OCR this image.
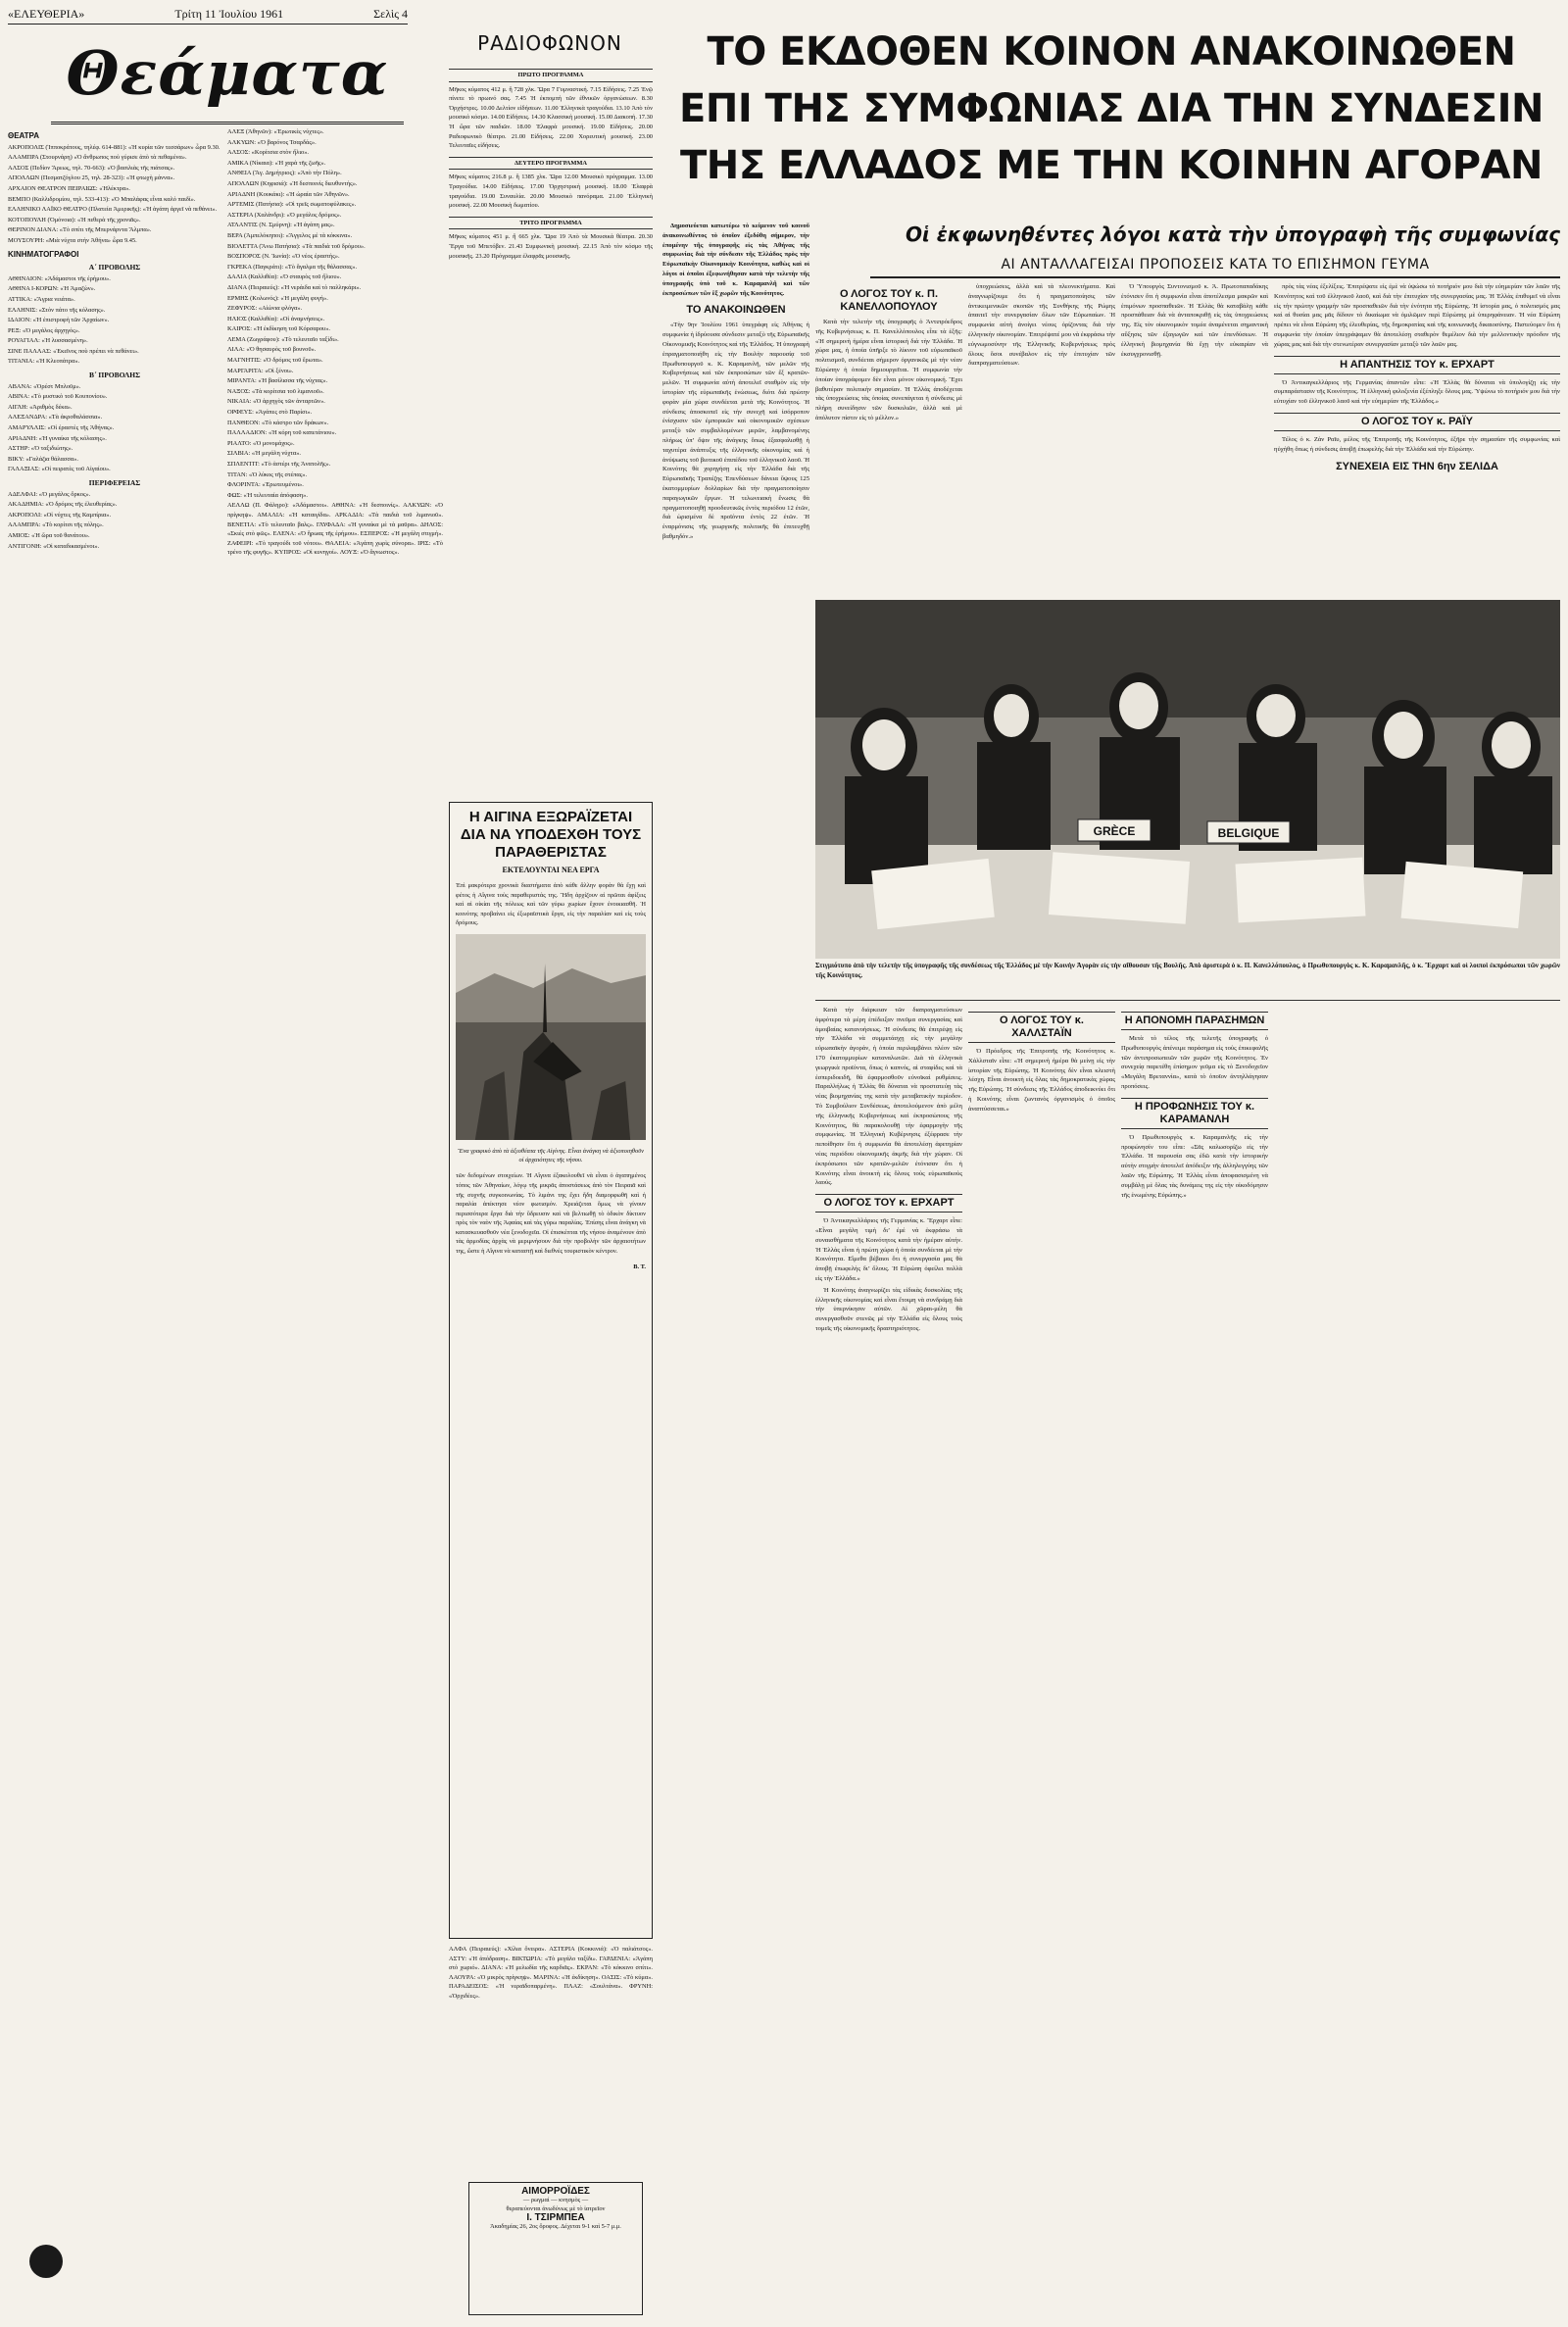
«ΕΛΕΥΘΕΡΙΑ»	Τρίτη 11 Ἰουλίου 1961	Σελὶς 4
Θεάματα
ΘΕΑΤΡΑ

ΑΚΡΟΠΟΛΙΣ (Ἱπποκράτους, τηλέφ. 614-881): «Ἡ κυρία τῶν τεσσάρων» ὧρα 9.30.

ΑΛΑΜΠΡΑ (Στουρνάρη) «Ὁ ἄνθρωπος ποὺ γύρισε ἀπὸ τὰ πεθαμένα».

ΑΛΣΟΣ (Πεδίον Ἄρεως, τηλ. 70-663): «Ὁ βασιλιὰς τῆς πιάτσας».

ΑΠΟΛΛΩΝ (Πεσματζόγλου 25, τηλ. 28-323): «Ἡ φτωχὴ μάννα».

ΑΡΧΑΙΟΝ ΘΕΑΤΡΟΝ ΠΕΙΡΑΙΩΣ: «Ἡλέκτρα».

ΒΕΜΠΟ (Καλλιδρομίου, τηλ. 533-413): «Ὁ Μπαλάφας εἶναι καλό παιδί».

ΕΛΛΗΝΙΚΟ ΛΑΪΚΟ ΘΕΑΤΡΟ (Πλατεία Ἀμερικῆς): «Ἡ ἀγάπη ἀργεῖ νὰ πεθάνει».

ΚΟΤΟΠΟΥΛΗ (Ὀμόνοια): «Ἡ πεθερὰ τῆς χρονιᾶς».

ΘΕΡΙΝΟΝ ΔΙΑΝΑ: «Τὸ σπίτι τῆς Μπερνάρντα Ἄλμπα».

ΜΟΥΣΟΥΡΗ: «Μιὰ νύχτα στὴν Ἀθήνα» ὧρα 9.45.

ΚΙΝΗΜΑΤΟΓΡΑΦΟΙ
Α΄ ΠΡΟΒΟΛΗΣ

ΑΘΗΝΑΙΟΝ: «Ἀδάμαστοι τῆς ἐρήμου».

ΑΘΗΝΑ Ι-ΚΟΡΩΝ: «Ἡ Ἀμαζών».

ΑΤΤΙΚΑ: «Ἄγρια νειάτα».

ΕΛΛΗΝΙΣ: «Στὸν πάτο τῆς κόλασης».

ΙΔΑΙΟΝ: «Ἡ ἐπιστροφὴ τῶν Ἀρχαίων».

ΡΕΞ: «Ὁ μεγάλος ἀρχηγός».

ΡΟΥΑΓΙΑΛ: «Ἡ λυσσασμένη».

ΣΙΝΕ ΠΑΛΛΑΣ: «Ἐκεῖνος ποὺ πρέπει νὰ πεθάνει».

ΤΙΤΑΝΙΑ: «Ἡ Κλεοπάτρα».

Β΄ ΠΡΟΒΟΛΗΣ

ΑΒΑΝΑ: «Ὀρέστ Μπλοῦμ».

ΑΒΙΝΑ: «Τὸ μυστικὸ τοῦ Κουπονίου».

ΑΙΓΛΗ: «Ἀριθμὸς δέκα».

ΑΛΕΞΑΝΔΡΑ: «Τὰ ἀκροθαλάσσια».

ΑΜΑΡΥΛΛΙΣ: «Οἱ ἐραστὲς τῆς Ἀθήνας».

ΑΡΙΑΔΝΗ: «Ἡ γυναίκα τῆς κόλασης».

ΑΣΤΗΡ: «Ὁ ταξιδιώτης».

ΒΙΚΥ: «Γαλάζια θάλασσα».

ΓΑΛΑΞΙΑΣ: «Οἱ πειρατὲς τοῦ Αἰγαίου».

ΠΕΡΙΦΕΡΕΙΑΣ

ΑΔΕΛΦΑΙ: «Ὁ μεγάλος ὅρκος».

ΑΚΑΔΗΜΙΑ: «Ὁ δρόμος τῆς ἐλευθερίας».

ΑΚΡΟΠΟΛΙ: «Οἱ νύχτες τῆς Καμπίρια».

ΑΛΑΜΠΡΑ: «Τὸ κορίτσι τῆς πόλης».

ΑΜΙΟΣ: «Ἡ ὥρα τοῦ θανάτου».

ΑΝΤΙΓΟΝΗ: «Οἱ καταδικασμένοι».

ΑΛΕΞ (Ἀθηνῶν): «Ἐρωτικὲς νύχτες».

ΑΛΚΥΩΝ: «Ὁ βαρόνος Τσαρδάς».

ΑΛΣΟΣ: «Κορίτσια στὸν ἥλιο».

ΑΜΙΚΑ (Νίκαια): «Ἡ χαρὰ τῆς ζωῆς».

ΑΝΘΕΙΑ (Ἅγ. Δημήτριος): «Ἀπὸ τὴν Πόλη».

ΑΠΟΛΛΩΝ (Κηφισιά): «Ἡ δεσποινίς διευθυντής».

ΑΡΙΑΔΝΗ (Κουκάκι): «Ἡ ὡραία τῶν Ἀθηνῶν».

ΑΡΤΕΜΙΣ (Πατήσια): «Οἱ τρεῖς σωματοφύλακες».

ΑΣΤΕΡΙΑ (Χαλάνδρι): «Ὁ μεγάλος δρόμος».

ΑΤΛΑΝΤΙΣ (Ν. Σμύρνη): «Ἡ ἀγάπη μας».

ΒΕΡΑ (Ἀμπελόκηποι): «Ἄγγελος μὲ τὰ κόκκινα».

ΒΙΟΛΕΤΤΑ (Ἄνω Πατήσια): «Τὰ παιδιὰ τοῦ δρόμου».

ΒΟΣΠΟΡΟΣ (Ν. Ἰωνία): «Ὁ νέος ἐραστής».

ΓΚΡΕΚΑ (Παγκράτι): «Τὸ ἄγαλμα τῆς θάλασσας».

ΔΑΛΙΑ (Καλλιθέα): «Ὁ σταυρὸς τοῦ ἥλιου».

ΔΙΑΝΑ (Πειραιεύς): «Ἡ νεράιδα καὶ τὸ παλληκάρι».

ΕΡΜΗΣ (Κολωνός): «Ἡ μεγάλη φυγή».

ΖΕΦΥΡΟΣ: «Αἰώνια φλόγα».

ΗΛΙΟΣ (Καλλιθέα): «Οἱ ἀναμνήσεις».

ΚΑΙΡΟΣ: «Ἡ ἐκδίκηση τοῦ Κόρσαρου».

ΛΕΜΑ (Ζωγράφου): «Τὸ τελευταῖο ταξίδι».

ΛΙΛΑ: «Ὁ θησαυρὸς τοῦ βουνοῦ».

ΜΑΓΝΗΤΙΣ: «Ὁ δρόμος τοῦ ἔρωτα».

ΜΑΡΓΑΡΙΤΑ: «Οἱ ξένοι».

ΜΙΡΑΝΤΑ: «Ἡ βασίλισσα τῆς νύχτας».

ΝΑΞΟΣ: «Τὰ κορίτσια τοῦ λιμανιοῦ».

ΝΙΚΑΙΑ: «Ὁ ἀρχηγὸς τῶν ἀνταρτῶν».

ΟΡΦΕΥΣ: «Ἀγάπες στὸ Παρίσι».

ΠΑΝΘΕΟΝ: «Τὸ κάστρο τῶν δράκων».

ΠΑΛΛΑΔΙΟΝ: «Ἡ κόρη τοῦ καπετάνιου».

ΡΙΑΛΤΟ: «Ὁ μονομάχος».

ΣΙΛΒΙΑ: «Ἡ μεγάλη νύχτα».

ΣΠΛΕΝΤΙΤ: «Τὸ ἀστέρι τῆς Ἀνατολῆς».

ΤΙΤΑΝ: «Ὁ λύκος τῆς στέπας».

ΦΛΟΡΙΝΤΑ: «Ἐρωτευμένοι».

ΦΩΣ: «Ἡ τελευταία ἀπόφαση».

ΑΕΛΛΩ (Π. Φάληρο): «Ἀδάμαστοι». ΑΘΗΝΑ: «Ἡ δεσποινίς». ΑΛΚΥΩΝ: «Ὁ πρίγκηψ». ΑΜΑΛΙΑ: «Ἡ καταιγίδα». ΑΡΚΑΔΙΑ: «Τὰ παιδιὰ τοῦ λιμανιοῦ». ΒΕΝΕΤΙΑ: «Τὸ τελευταῖο βαλς». ΓΛΥΦΑΔΑ: «Ἡ γυναίκα μὲ τὰ μαῦρα». ΔΗΛΟΣ: «Σκιὲς στὸ φῶς». ΕΛΕΝΑ: «Ὁ ἥρωας τῆς ἐρήμου». ΕΣΠΕΡΟΣ: «Ἡ μεγάλη στιγμή». ΖΑΦΕΙΡΙ: «Τὸ τραγούδι τοῦ νότου». ΘΑΛΕΙΑ: «Ἀγάπη χωρὶς σύνορα». ΙΡΙΣ: «Τὸ τρένο τῆς φυγῆς». ΚΥΠΡΟΣ: «Οἱ κυνηγοί». ΛΟΥΞ: «Ὁ ἄγνωστος».

ΡΑΔΙΟΦΩΝΟΝ
ΠΡΩΤΟ ΠΡΟΓΡΑΜΜΑ

Μῆκος κύματος 412 μ. ἢ 728 χλκ. Ὥρα 7 Γυμναστική. 7.15 Εἰδήσεις. 7.25 Ἐνῷ πίνετε τὸ πρωινό σας. 7.45 Ἡ ἐκπομπὴ τῶν ἐθνικῶν ὀργανώσεων. 8.30 Ὀρχήστρες. 10.00 Δελτίον εἰδήσεων. 11.00 Ἑλληνικὰ τραγούδια. 13.10 Ἀπὸ τὸν μουσικὸ κόσμο. 14.00 Εἰδήσεις. 14.30 Κλασσικὴ μουσική. 15.00 Διακοπή. 17.30 Ἡ ὥρα τῶν παιδιῶν. 18.00 Ἐλαφρὰ μουσική. 19.00 Εἰδήσεις. 20.00 Ραδιοφωνικὸ θέατρο. 21.00 Εἰδήσεις. 22.00 Χορευτικὴ μουσική. 23.00 Τελευταῖες εἰδήσεις.

ΔΕΥΤΕΡΟ ΠΡΟΓΡΑΜΜΑ

Μῆκος κύματος 216.8 μ. ἢ 1385 χλκ. Ὥρα 12.00 Μουσικὸ πρόγραμμα. 13.00 Τραγούδια. 14.00 Εἰδήσεις. 17.00 Ὀρχηστρικὴ μουσική. 18.00 Ἐλαφρὰ τραγούδια. 19.00 Συναυλία. 20.00 Μουσικὸ πανόραμα. 21.00 Ἑλληνικὴ μουσική. 22.00 Μουσικὴ δωματίου.

ΤΡΙΤΟ ΠΡΟΓΡΑΜΜΑ

Μῆκος κύματος 451 μ. ἢ 665 χλκ. Ὥρα 19 Ἀπὸ τὰ Μουσικὰ θέατρα. 20.30 Ἔργα τοῦ Μπετόβεν. 21.43 Συμφωνικὴ μουσική. 22.15 Ἀπὸ τὸν κόσμο τῆς μουσικῆς. 23.20 Πρόγραμμα ἐλαφρᾶς μουσικῆς.

Η ΑΙΓΙΝΑ ΕΞΩΡΑΪΖΕΤΑΙ ΔΙΑ ΝΑ ΥΠΟΔΕΧΘΗ ΤΟΥΣ ΠΑΡΑΘΕΡΙΣΤΑΣ
ΕΚΤΕΛΟΥΝΤΑΙ ΝΕΑ ΕΡΓΑ

Ἐπὶ μακρότερα χρονικὰ διαστήματα ἀπὸ κάθε ἄλλην φορὰν θὰ ἔχῃ καὶ φέτος ἡ Αἴγινα τοὺς παραθεριστάς της. Ἤδη ἀρχίζουν αἱ πρῶται ἀφίξεις καὶ αἱ οἰκίαι τῆς πόλεως καὶ τῶν γύρω χωρίων ἔχουν ἐνοικιασθῆ. Ἡ κοινότης προβαίνει εἰς ἐξωραϊστικὰ ἔργα, εἰς τὴν παραλίαν καὶ εἰς τοὺς δρόμους.

Ἕνα γραφικὸ ἀπὸ τὰ ἀξιοθέατα τῆς Αἰγίνης. Εἶναι ἀνάγκη νὰ ἀξιοποιηθοῦν οἱ ἀρχαιότητες τῆς νήσου.

τῶν δεδομένων στοιχείων. Ἡ Αἴγινα ἐξακολουθεῖ νὰ εἶναι ὁ ἀγαπημένος τόπος τῶν Ἀθηναίων, λόγῳ τῆς μικρᾶς ἀποστάσεως ἀπὸ τὸν Πειραιᾶ καὶ τῆς συχνῆς συγκοινωνίας. Τὸ λιμάνι της ἔχει ἤδη διαμορφωθῆ καὶ ἡ παραλία ἀπέκτησε νέον φωτισμόν. Χρειάζεται ὅμως νὰ γίνουν περισσότερα ἔργα διὰ τὴν ὕδρευσιν καὶ νὰ βελτιωθῇ τὸ ὁδικὸν δίκτυον πρὸς τὸν ναὸν τῆς Ἀφαίας καὶ τὰς γύρω παραλίας. Ἐπίσης εἶναι ἀνάγκη νὰ κατασκευασθοῦν νέα ξενοδοχεῖα. Οἱ ἐπισκέπται τῆς νήσου ἀναμένουν ἀπὸ τὰς ἁρμοδίας ἀρχὰς νὰ μεριμνήσουν διὰ τὴν προβολὴν τῶν ἀρχαιοτήτων της, ὥστε ἡ Αἴγινα νὰ καταστῇ καὶ διεθνὲς τουριστικὸν κέντρον.

Β. Τ.

ΑΛΦΑ (Πειραιεύς): «Χίλια ὄνειρα». ΑΣΤΕΡΙΑ (Κοκκινιά): «Ὁ παλιάτσος». ΑΣΤΥ: «Ἡ ἀπόδραση». ΒΙΚΤΩΡΙΑ: «Τὸ μεγάλο ταξίδι». ΓΑΡΔΕΝΙΑ: «Ἀγάπη στὸ χωριό». ΔΙΑΝΑ: «Ἡ μελωδία τῆς καρδιᾶς». ΕΚΡΑΝ: «Τὸ κόκκινο σπίτι». ΛΑΟΥΡΑ: «Ὁ μικρὸς πρίγκηψ». ΜΑΡΙΝΑ: «Ἡ ἐκδίκηση». ΟΑΣΙΣ: «Τὸ κύμα». ΠΑΡΑΔΕΙΣΟΣ: «Ἡ νεραϊδοπαρμένη». ΠΛΑΖ: «Σουλτάνα». ΦΡΥΝΗ: «Ὀρχιδέες».

ΑΙΜΟΡΡΟΪΔΕΣ
— ρωγμαί — κνησμὸς —
θεραπεύονται ἀνωδύνως μὲ τὸ ἰατρεῖον
I. ΤΣΙΡΜΠΕΑ
Ἀκαδημίας 26, 2ος ὄροφος. Δέχεται 9-1 καὶ 5-7 μ.μ.
ΤΟ ΕΚΔΟΘΕΝ ΚΟΙΝΟΝ ΑΝΑΚΟΙΝΩΘΕΝ
ΕΠΙ ΤΗΣ ΣΥΜΦΩΝΙΑΣ ΔΙΑ ΤΗΝ ΣΥΝΔΕΣΙΝ
ΤΗΣ ΕΛΛΑΔΟΣ ΜΕ ΤΗΝ ΚΟΙΝΗΝ ΑΓΟΡΑΝ
Οἱ ἐκφωνηθέντες λόγοι κατὰ τὴν ὑπογραφὴ τῆς συμφωνίας
ΑΙ ΑΝΤΑΛΛΑΓΕΙΣΑΙ ΠΡΟΠΟΣΕΙΣ ΚΑΤΑ ΤΟ ΕΠΙΣΗΜΟΝ ΓΕΥΜΑ

Δημοσιεύεται κατωτέρω τὸ κείμενον τοῦ κοινοῦ ἀνακοινωθέντος τὸ ὁποῖον ἐξεδόθη σήμερον, τὴν ἐπομένην τῆς ὑπογραφῆς εἰς τὰς Ἀθήνας τῆς συμφωνίας διὰ τὴν σύνδεσιν τῆς Ἑλλάδος πρὸς τὴν Εὐρωπαϊκὴν Οἰκονομικὴν Κοινότητα, καθὼς καὶ οἱ λόγοι οἱ ὁποῖοι ἐξεφωνήθησαν κατὰ τὴν τελετὴν τῆς ὑπογραφῆς ὑπὸ τοῦ κ. Καραμανλῆ καὶ τῶν ἐκπροσώπων τῶν ἓξ χωρῶν τῆς Κοινότητος.

ΤΟ ΑΝΑΚΟΙΝΩΘΕΝ

«Τὴν 9ην Ἰουλίου 1961 ὑπεγράφη εἰς Ἀθήνας ἡ συμφωνία ἡ ἱδρύουσα σύνδεσιν μεταξὺ τῆς Εὐρωπαϊκῆς Οἰκονομικῆς Κοινότητος καὶ τῆς Ἑλλάδος. Ἡ ὑπογραφὴ ἐπραγματοποιήθη εἰς τὴν Βουλὴν παρουσίᾳ τοῦ Πρωθυπουργοῦ κ. Κ. Καραμανλῆ, τῶν μελῶν τῆς Κυβερνήσεως καὶ τῶν ἐκπροσώπων τῶν ἓξ κρατῶν-μελῶν. Ἡ συμφωνία αὐτὴ ἀποτελεῖ σταθμὸν εἰς τὴν ἱστορίαν τῆς εὐρωπαϊκῆς ἑνώσεως, διότι διὰ πρώτην φορὰν μία χώρα συνδέεται μετὰ τῆς Κοινότητος. Ἡ σύνδεσις ἀποσκοπεῖ εἰς τὴν συνεχῆ καὶ ἰσόρροπον ἐνίσχυσιν τῶν ἐμπορικῶν καὶ οἰκονομικῶν σχέσεων μεταξὺ τῶν συμβαλλομένων μερῶν, λαμβανομένης πλήρως ὑπ’ ὄψιν τῆς ἀνάγκης ὅπως ἐξασφαλισθῇ ἡ ταχυτέρα ἀνάπτυξις τῆς ἑλληνικῆς οἰκονομίας καὶ ἡ ἀνύψωσις τοῦ βιοτικοῦ ἐπιπέδου τοῦ ἑλληνικοῦ λαοῦ. Ἡ Κοινότης θὰ χορηγήσῃ εἰς τὴν Ἑλλάδα διὰ τῆς Εὐρωπαϊκῆς Τραπέζης Ἐπενδύσεων δάνεια ὕψους 125 ἑκατομμυρίων δολλαρίων διὰ τὴν πραγματοποίησιν παραγωγικῶν ἔργων. Ἡ τελωνειακὴ ἕνωσις θὰ πραγματοποιηθῇ προοδευτικῶς ἐντὸς περιόδου 12 ἐτῶν, διὰ ὡρισμένα δὲ προϊόντα ἐντὸς 22 ἐτῶν. Ἡ ἐναρμόνισις τῆς γεωργικῆς πολιτικῆς θὰ ἐπιτευχθῇ βαθμηδόν.»

Ο ΛΟΓΟΣ ΤΟΥ κ. Π. ΚΑΝΕΛΛΟΠΟΥΛΟΥ

Κατὰ τὴν τελετὴν τῆς ὑπογραφῆς ὁ Ἀντιπρόεδρος τῆς Κυβερνήσεως κ. Π. Κανελλόπουλος εἶπε τὰ ἑξῆς: «Ἡ σημερινὴ ἡμέρα εἶναι ἱστορικὴ διὰ τὴν Ἑλλάδα. Ἡ χώρα μας, ἡ ὁποία ὑπῆρξε τὸ λίκνον τοῦ εὐρωπαϊκοῦ πολιτισμοῦ, συνδέεται σήμερον ὀργανικῶς μὲ τὴν νέαν Εὐρώπην ἡ ὁποία δημιουργεῖται. Ἡ συμφωνία τὴν ὁποίαν ὑπογράφομεν δὲν εἶναι μόνον οἰκονομική. Ἔχει βαθυτέραν πολιτικὴν σημασίαν. Ἡ Ἑλλὰς ἀποδέχεται τὰς ὑποχρεώσεις τὰς ὁποίας συνεπάγεται ἡ σύνδεσις μὲ πλήρη συνείδησιν τῶν δυσκολιῶν, ἀλλὰ καὶ μὲ ἀπόλυτον πίστιν εἰς τὸ μέλλον.»

ὑποχρεώσεις, ἀλλὰ καὶ τὰ πλεονεκτήματα. Καὶ ἀναγνωρίζουμε ὅτι ἡ πραγματοποίησις τῶν ἀντικειμενικῶν σκοπῶν τῆς Συνθήκης τῆς Ρώμης ἀπαιτεῖ τὴν συνεργασίαν ὅλων τῶν Εὐρωπαίων. Ἡ συμφωνία αὐτὴ ἀνοίγει νέους ὁρίζοντας διὰ τὴν ἑλληνικὴν οἰκονομίαν. Ἐπιτρέψατέ μου νὰ ἐκφράσω τὴν εὐγνωμοσύνην τῆς Ἑλληνικῆς Κυβερνήσεως πρὸς ὅλους ὅσοι συνέβαλον εἰς τὴν ἐπιτυχίαν τῶν διαπραγματεύσεων.

Ὁ Ὑπουργὸς Συντονισμοῦ κ. Ἀ. Πρωτοπαπαδάκης ἐτόνισεν ὅτι ἡ συμφωνία εἶναι ἀποτέλεσμα μακρῶν καὶ ἐπιμόνων προσπαθειῶν. Ἡ Ἑλλὰς θὰ καταβάλῃ κάθε προσπάθειαν διὰ νὰ ἀνταποκριθῇ εἰς τὰς ὑποχρεώσεις της. Εἰς τὸν οἰκονομικὸν τομέα ἀναμένεται σημαντικὴ αὔξησις τῶν ἐξαγωγῶν καὶ τῶν ἐπενδύσεων. Ἡ ἑλληνικὴ βιομηχανία θὰ ἔχῃ τὴν εὐκαιρίαν νὰ ἐκσυγχρονισθῇ.

GRÈCE	BELGIQUE
Στιγμιότυπο ἀπὸ τὴν τελετὴν τῆς ὑπογραφῆς τῆς συνδέσεως τῆς Ἑλλάδος μὲ τὴν Κοινὴν Ἀγορὰν εἰς τὴν αἴθουσαν τῆς Βουλῆς. Ἀπὸ ἀριστερὰ ὁ κ. Π. Κανελλόπουλος, ὁ Πρωθυπουργὸς κ. Κ. Καραμανλῆς, ὁ κ. Ἔρχαρτ καὶ οἱ λοιποὶ ἐκπρόσωποι τῶν χωρῶν τῆς Κοινότητος.

Κατὰ τὴν διάρκειαν τῶν διαπραγματεύσεων ἀμφότερα τὰ μέρη ἐπέδειξαν πνεῦμα συνεργασίας καὶ ἀμοιβαίας κατανοήσεως. Ἡ σύνδεσις θὰ ἐπιτρέψῃ εἰς τὴν Ἑλλάδα νὰ συμμετάσχῃ εἰς τὴν μεγάλην εὐρωπαϊκὴν ἀγοράν, ἡ ὁποία περιλαμβάνει πλέον τῶν 170 ἑκατομμυρίων καταναλωτῶν. Διὰ τὰ ἑλληνικὰ γεωργικὰ προϊόντα, ὅπως ὁ καπνός, αἱ σταφίδες καὶ τὰ ἐσπεριδοειδῆ, θὰ ἐφαρμοσθοῦν εὐνοϊκαὶ ρυθμίσεις. Παραλλήλως ἡ Ἑλλὰς θὰ δύναται νὰ προστατεύῃ τὰς νέας βιομηχανίας της κατὰ τὴν μεταβατικὴν περίοδον. Τὸ Συμβούλιον Συνδέσεως, ἀποτελούμενον ἀπὸ μέλη τῆς ἑλληνικῆς Κυβερνήσεως καὶ ἐκπροσώπους τῆς Κοινότητος, θὰ παρακολουθῇ τὴν ἐφαρμογὴν τῆς συμφωνίας. Ἡ Ἑλληνικὴ Κυβέρνησις ἐξέφρασε τὴν πεποίθησιν ὅτι ἡ συμφωνία θὰ ἀποτελέσῃ ἀφετηρίαν νέας περιόδου οἰκονομικῆς ἀκμῆς διὰ τὴν χώραν. Οἱ ἐκπρόσωποι τῶν κρατῶν-μελῶν ἐτόνισαν ὅτι ἡ Κοινότης εἶναι ἀνοικτὴ εἰς ὅλους τοὺς εὐρωπαϊκοὺς λαούς.

Ο ΛΟΓΟΣ ΤΟΥ κ. ΕΡΧΑΡΤ

Ὁ Ἀντικαγκελλάριος τῆς Γερμανίας κ. Ἔρχαρτ εἶπε: «Εἶναι μεγάλη τιμὴ δι’ ἐμὲ νὰ ἐκφράσω τὰ συναισθήματα τῆς Κοινότητος κατὰ τὴν ἡμέραν αὐτήν. Ἡ Ἑλλὰς εἶναι ἡ πρώτη χώρα ἡ ὁποία συνδέεται μὲ τὴν Κοινότητα. Εἴμεθα βέβαιοι ὅτι ἡ συνεργασία μας θὰ ἀποβῇ ἐπωφελὴς δι’ ὅλους. Ἡ Εὐρώπη ὀφείλει πολλὰ εἰς τὴν Ἑλλάδα.»

Ἡ Κοινότης ἀναγνωρίζει τὰς εἰδικὰς δυσκολίας τῆς ἑλληνικῆς οἰκονομίας καὶ εἶναι ἕτοιμη νὰ συνδράμῃ διὰ τὴν ὑπερνίκησιν αὐτῶν. Αἱ χῶραι-μέλη θὰ συνεργασθοῦν στενῶς μὲ τὴν Ἑλλάδα εἰς ὅλους τοὺς τομεῖς τῆς οἰκονομικῆς δραστηριότητος.

Ο ΛΟΓΟΣ ΤΟΥ κ. ΧΑΛΛΣΤΑΪΝ

Ὁ Πρόεδρος τῆς Ἐπιτροπῆς τῆς Κοινότητος κ. Χάλλσταϊν εἶπε: «Ἡ σημερινὴ ἡμέρα θὰ μείνῃ εἰς τὴν ἱστορίαν τῆς Εὐρώπης. Ἡ Κοινότης δὲν εἶναι κλειστὴ λέσχη. Εἶναι ἀνοικτὴ εἰς ὅλας τὰς δημοκρατικὰς χώρας τῆς Εὐρώπης. Ἡ σύνδεσις τῆς Ἑλλάδος ἀποδεικνύει ὅτι ἡ Κοινότης εἶναι ζωντανὸς ὀργανισμὸς ὁ ὁποῖος ἀναπτύσσεται.»

Η ΑΠΟΝΟΜΗ ΠΑΡΑΣΗΜΩΝ

Μετὰ τὸ τέλος τῆς τελετῆς ὑπογραφῆς ὁ Πρωθυπουργὸς ἀπένειμε παράσημα εἰς τοὺς ἐπικεφαλῆς τῶν ἀντιπροσωπειῶν τῶν χωρῶν τῆς Κοινότητος. Ἐν συνεχείᾳ παρετέθη ἐπίσημον γεῦμα εἰς τὸ Ξενοδοχεῖον «Μεγάλη Βρεταννία», κατὰ τὸ ὁποῖον ἀντηλλάγησαν προπόσεις.

Η ΠΡΟΦΩΝΗΣΙΣ ΤΟΥ κ. ΚΑΡΑΜΑΝΛΗ

Ὁ Πρωθυπουργὸς κ. Καραμανλῆς εἰς τὴν προφώνησίν του εἶπε: «Σᾶς καλωσορίζω εἰς τὴν Ἑλλάδα. Ἡ παρουσία σας ἐδῶ κατὰ τὴν ἱστορικὴν αὐτὴν στιγμὴν ἀποτελεῖ ἀπόδειξιν τῆς ἀλληλεγγύης τῶν λαῶν τῆς Εὐρώπης. Ἡ Ἑλλὰς εἶναι ἀποφασισμένη νὰ συμβάλῃ μὲ ὅλας τὰς δυνάμεις της εἰς τὴν οἰκοδόμησιν τῆς ἑνωμένης Εὐρώπης.»

πρὸς τὰς νέας ἐξελίξεις. Ἐπιτρέψατε εἰς ἐμὲ νὰ ὑψώσω τὸ ποτήριόν μου διὰ τὴν εὐημερίαν τῶν λαῶν τῆς Κοινότητος καὶ τοῦ ἑλληνικοῦ λαοῦ, καὶ διὰ τὴν ἐπιτυχίαν τῆς συνεργασίας μας. Ἡ Ἑλλὰς ἐπιθυμεῖ νὰ εἶναι εἰς τὴν πρώτην γραμμὴν τῶν προσπαθειῶν διὰ τὴν ἑνότητα τῆς Εὐρώπης. Ἡ ἱστορία μας, ὁ πολιτισμός μας καὶ αἱ θυσίαι μας μᾶς δίδουν τὸ δικαίωμα νὰ ὁμιλῶμεν περὶ Εὐρώπης μὲ ὑπερηφάνειαν. Ἡ νέα Εὐρώπη πρέπει νὰ εἶναι Εὐρώπη τῆς ἐλευθερίας, τῆς δημοκρατίας καὶ τῆς κοινωνικῆς δικαιοσύνης. Πιστεύομεν ὅτι ἡ συμφωνία τὴν ὁποίαν ὑπεγράψαμεν θὰ ἀποτελέσῃ σταθερὸν θεμέλιον διὰ τὴν μελλοντικὴν πρόοδον τῆς χώρας μας καὶ διὰ τὴν στενωτέραν συνεργασίαν μεταξὺ τῶν λαῶν μας.

Η ΑΠΑΝΤΗΣΙΣ ΤΟΥ κ. ΕΡΧΑΡΤ

Ὁ Ἀντικαγκελλάριος τῆς Γερμανίας ἀπαντῶν εἶπε: «Ἡ Ἑλλὰς θὰ δύναται νὰ ὑπολογίζῃ εἰς τὴν συμπαράστασιν τῆς Κοινότητος. Ἡ ἑλληνικὴ φιλοξενία ἐξέπληξε ὅλους μας. Ὑψώνω τὸ ποτήριόν μου διὰ τὴν εὐτυχίαν τοῦ ἑλληνικοῦ λαοῦ καὶ τὴν εὐημερίαν τῆς Ἑλλάδος.»

Ο ΛΟΓΟΣ ΤΟΥ κ. ΡΑΪΥ

Τέλος ὁ κ. Ζὰν Ραῖυ, μέλος τῆς Ἐπιτροπῆς τῆς Κοινότητος, ἐξῆρε τὴν σημασίαν τῆς συμφωνίας καὶ ηὐχήθη ὅπως ἡ σύνδεσις ἀποβῇ ἐπωφελὴς διὰ τὴν Ἑλλάδα καὶ τὴν Εὐρώπην.

ΣΥΝΕΧΕΙΑ ΕΙΣ ΤΗΝ 6ην ΣΕΛΙΔΑ
